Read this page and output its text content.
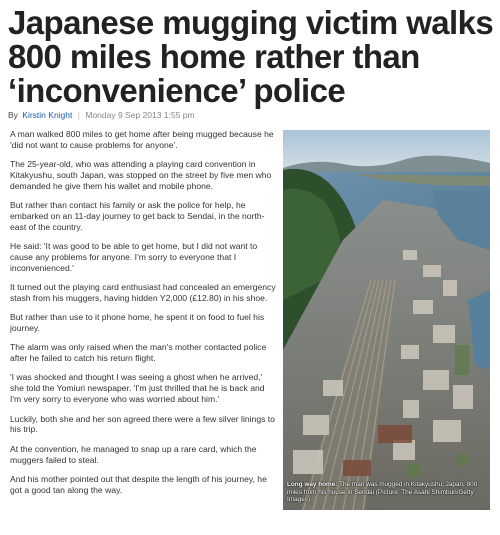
Japanese mugging victim walks 800 miles home rather than ‘inconvenience’ police
By Kirstin Knight | Monday 9 Sep 2013 1:55 pm

A man walked 800 miles to get home after being mugged because he 'did not want to cause problems for anyone'.

The 25-year-old, who was attending a playing card convention in Kitakyushu, south Japan, was stopped on the street by five men who demanded he give them his wallet and mobile phone.

But rather than contact his family or ask the police for help, he embarked on an 11-day journey to get back to Sendai, in the north-east of the country.

He said: 'It was good to be able to get home, but I did not want to cause any problems for anyone. I'm sorry to everyone that I inconvenienced.'

It turned out the playing card enthusiast had concealed an emergency stash from his muggers, having hidden Y2,000 (£12.80) in his shoe.

But rather than use to it phone home, he spent it on food to fuel his journey.

The alarm was only raised when the man's mother contacted police after he failed to catch his return flight.

'I was shocked and thought I was seeing a ghost when he arrived,' she told the Yomiuri newspaper. 'I'm just thrilled that he is back and I'm very sorry to everyone who was worried about him.'

Luckily, both she and her son agreed there were a few silver linings to his trip.

At the convention, he managed to snap up a rare card, which the muggers failed to steal.

And his mother pointed out that despite the length of his journey, he got a good tan along the way.	Long way home: The man was mugged in Kitakyushu, Japan, 800 miles from his house in Sendai (Picture: The Asahi Shimbun/Getty Images)
